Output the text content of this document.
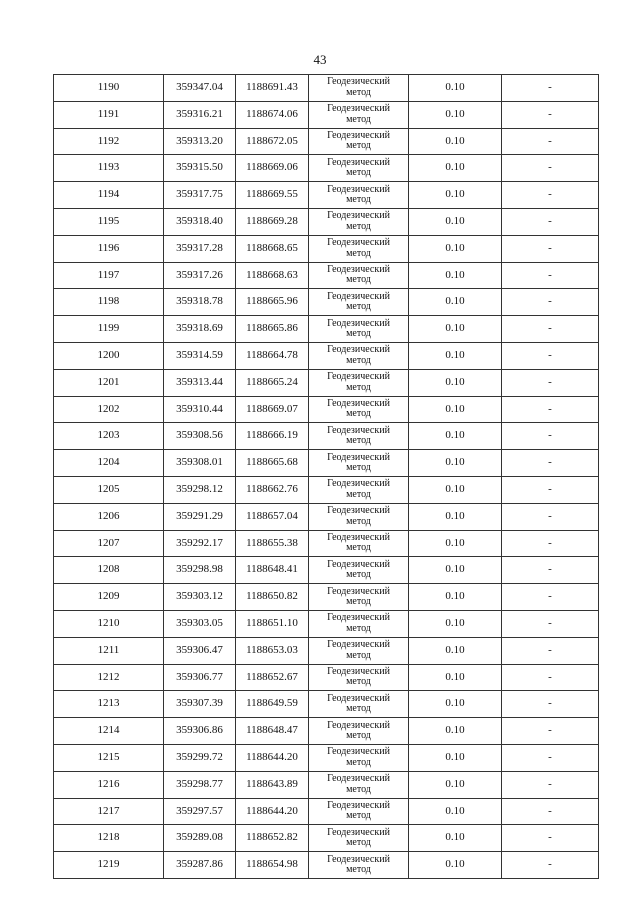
43
1190	359347.04	1188691.43	Геодезический
метод	0.10	-

1191	359316.21	1188674.06	Геодезический
метод	0.10	-

1192	359313.20	1188672.05	Геодезический
метод	0.10	-

1193	359315.50	1188669.06	Геодезический
метод	0.10	-

1194	359317.75	1188669.55	Геодезический
метод	0.10	-

1195	359318.40	1188669.28	Геодезический
метод	0.10	-

1196	359317.28	1188668.65	Геодезический
метод	0.10	-

1197	359317.26	1188668.63	Геодезический
метод	0.10	-

1198	359318.78	1188665.96	Геодезический
метод	0.10	-

1199	359318.69	1188665.86	Геодезический
метод	0.10	-

1200	359314.59	1188664.78	Геодезический
метод	0.10	-

1201	359313.44	1188665.24	Геодезический
метод	0.10	-

1202	359310.44	1188669.07	Геодезический
метод	0.10	-

1203	359308.56	1188666.19	Геодезический
метод	0.10	-

1204	359308.01	1188665.68	Геодезический
метод	0.10	-

1205	359298.12	1188662.76	Геодезический
метод	0.10	-

1206	359291.29	1188657.04	Геодезический
метод	0.10	-

1207	359292.17	1188655.38	Геодезический
метод	0.10	-

1208	359298.98	1188648.41	Геодезический
метод	0.10	-

1209	359303.12	1188650.82	Геодезический
метод	0.10	-

1210	359303.05	1188651.10	Геодезический
метод	0.10	-

1211	359306.47	1188653.03	Геодезический
метод	0.10	-

1212	359306.77	1188652.67	Геодезический
метод	0.10	-

1213	359307.39	1188649.59	Геодезический
метод	0.10	-

1214	359306.86	1188648.47	Геодезический
метод	0.10	-

1215	359299.72	1188644.20	Геодезический
метод	0.10	-

1216	359298.77	1188643.89	Геодезический
метод	0.10	-

1217	359297.57	1188644.20	Геодезический
метод	0.10	-

1218	359289.08	1188652.82	Геодезический
метод	0.10	-

1219	359287.86	1188654.98	Геодезический
метод	0.10	-
